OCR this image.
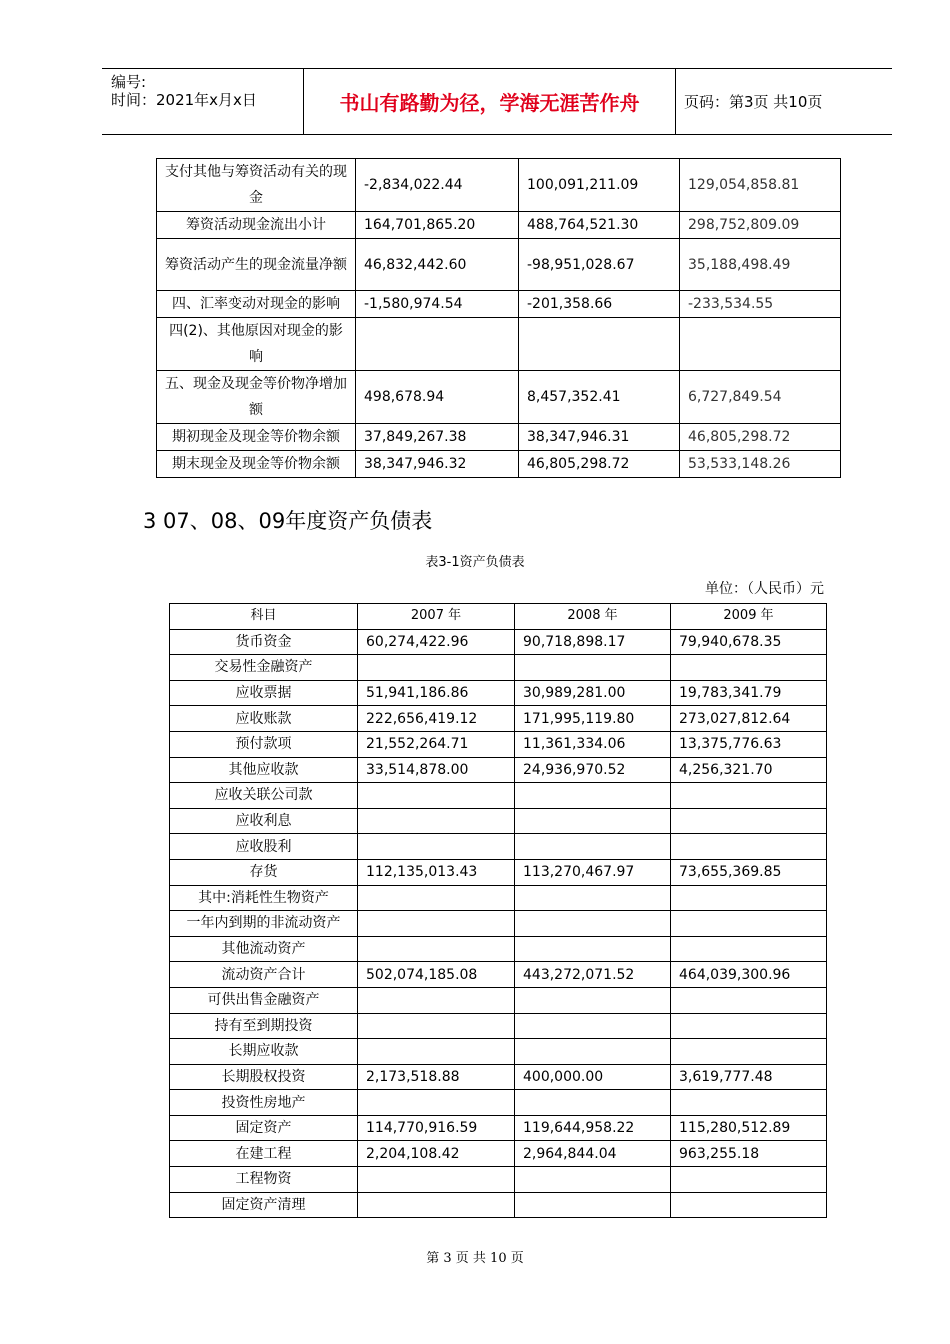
编号:
时间：2021年x月x日	书山有路勤为径，学海无涯苦作舟	页码：第3页 共10页
支付其他与筹资活动有关的现金	-2,834,022.44	100,091,211.09	129,054,858.81
筹资活动现金流出小计	164,701,865.20	488,764,521.30	298,752,809.09
筹资活动产生的现金流量净额	46,832,442.60	-98,951,028.67	35,188,498.49
四、汇率变动对现金的影响	-1,580,974.54	-201,358.66	-233,534.55
四(2)、其他原因对现金的影响			
五、现金及现金等价物净增加额	498,678.94	8,457,352.41	6,727,849.54
期初现金及现金等价物余额	37,849,267.38	38,347,946.31	46,805,298.72
期末现金及现金等价物余额	38,347,946.32	46,805,298.72	53,533,148.26
3 07、08、09年度资产负债表
表3-1资产负债表
单位：（人民币）元
科目	2007 年	2008 年	2009 年
货币资金	60,274,422.96	90,718,898.17	79,940,678.35
交易性金融资产			
应收票据	51,941,186.86	30,989,281.00	19,783,341.79
应收账款	222,656,419.12	171,995,119.80	273,027,812.64
预付款项	21,552,264.71	11,361,334.06	13,375,776.63
其他应收款	33,514,878.00	24,936,970.52	4,256,321.70
应收关联公司款			
应收利息			
应收股利			
存货	112,135,013.43	113,270,467.97	73,655,369.85
其中:消耗性生物资产			
一年内到期的非流动资产			
其他流动资产			
流动资产合计	502,074,185.08	443,272,071.52	464,039,300.96
可供出售金融资产			
持有至到期投资			
长期应收款			
长期股权投资	2,173,518.88	400,000.00	3,619,777.48
投资性房地产			
固定资产	114,770,916.59	119,644,958.22	115,280,512.89
在建工程	2,204,108.42	2,964,844.04	963,255.18
工程物资			
固定资产清理			
第 3 页 共 10 页
